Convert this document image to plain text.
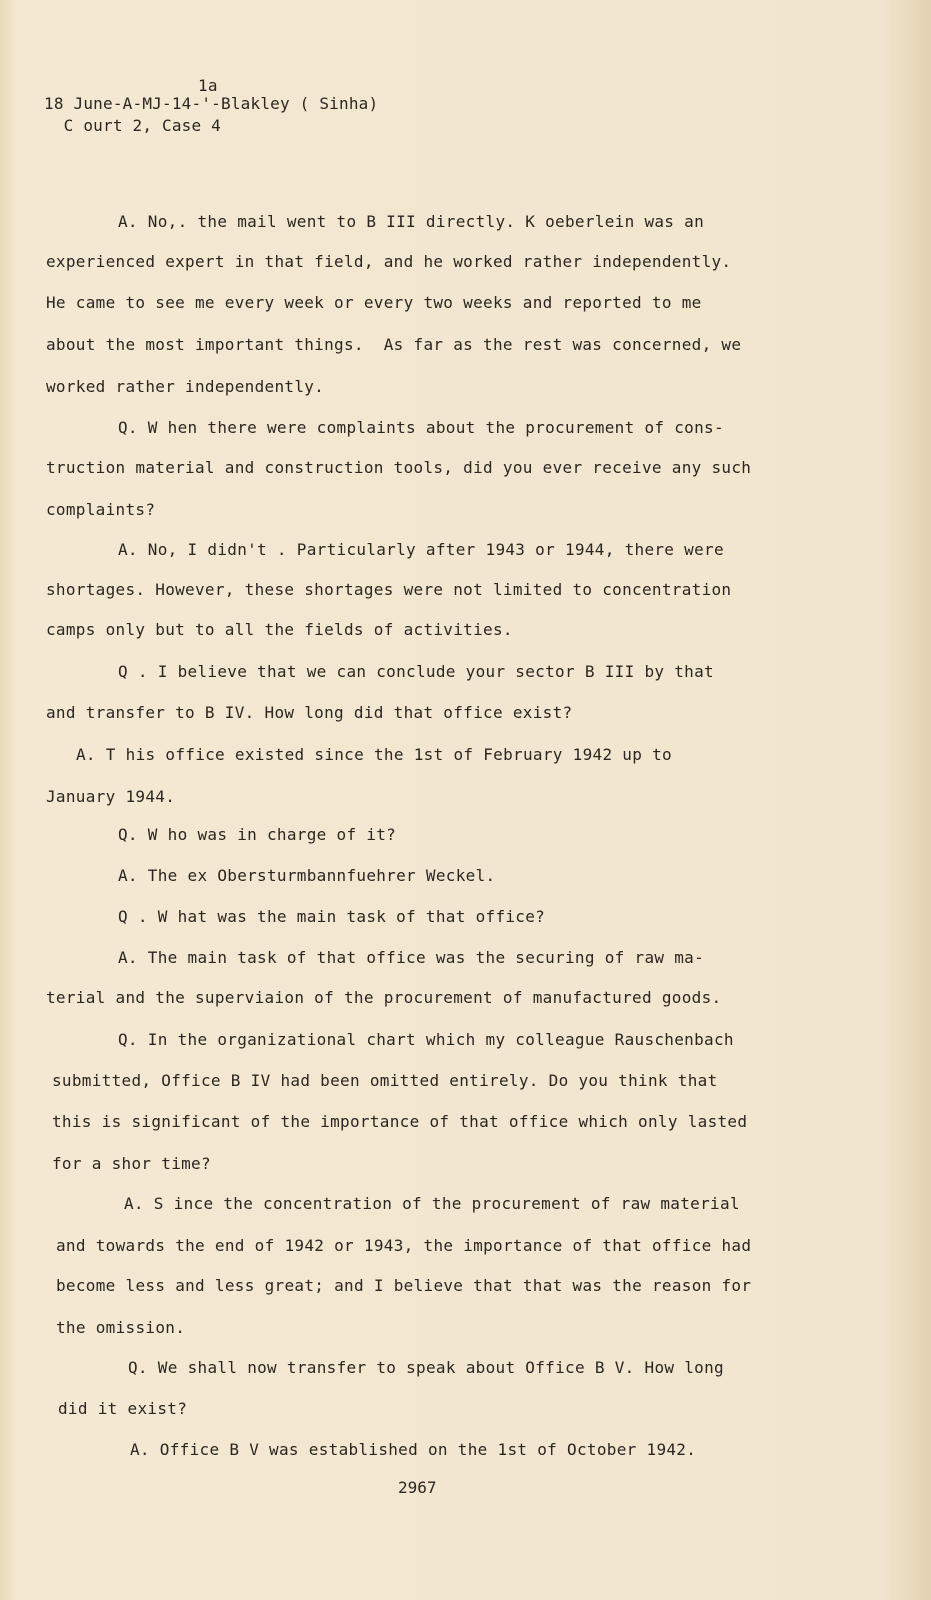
1a
18 June-A-MJ-14-'-Blakley ( Sinha)
C ourt 2, Case 4
A. No,. the mail went to B III directly. K oeberlein was an
experienced expert in that field, and he worked rather independently.
He came to see me every week or every two weeks and reported to me
about the most important things.  As far as the rest was concerned, we
worked rather independently.
Q. W hen there were complaints about the procurement of cons-
truction material and construction tools, did you ever receive any such
complaints?
A. No, I didn't . Particularly after 1943 or 1944, there were
shortages. However, these shortages were not limited to concentration
camps only but to all the fields of activities.
Q . I believe that we can conclude your sector B III by that
and transfer to B IV. How long did that office exist?
A. T his office existed since the 1st of February 1942 up to
January 1944.
Q. W ho was in charge of it?
A. The ex Obersturmbannfuehrer Weckel.
Q . W hat was the main task of that office?
A. The main task of that office was the securing of raw ma-
terial and the superviaion of the procurement of manufactured goods.
Q. In the organizational chart which my colleague Rauschenbach
submitted, Office B IV had been omitted entirely. Do you think that
this is significant of the importance of that office which only lasted
for a shor time?
A. S ince the concentration of the procurement of raw material
and towards the end of 1942 or 1943, the importance of that office had
become less and less great; and I believe that that was the reason for
the omission.
Q. We shall now transfer to speak about Office B V. How long
did it exist?
A. Office B V was established on the 1st of October 1942.
2967
